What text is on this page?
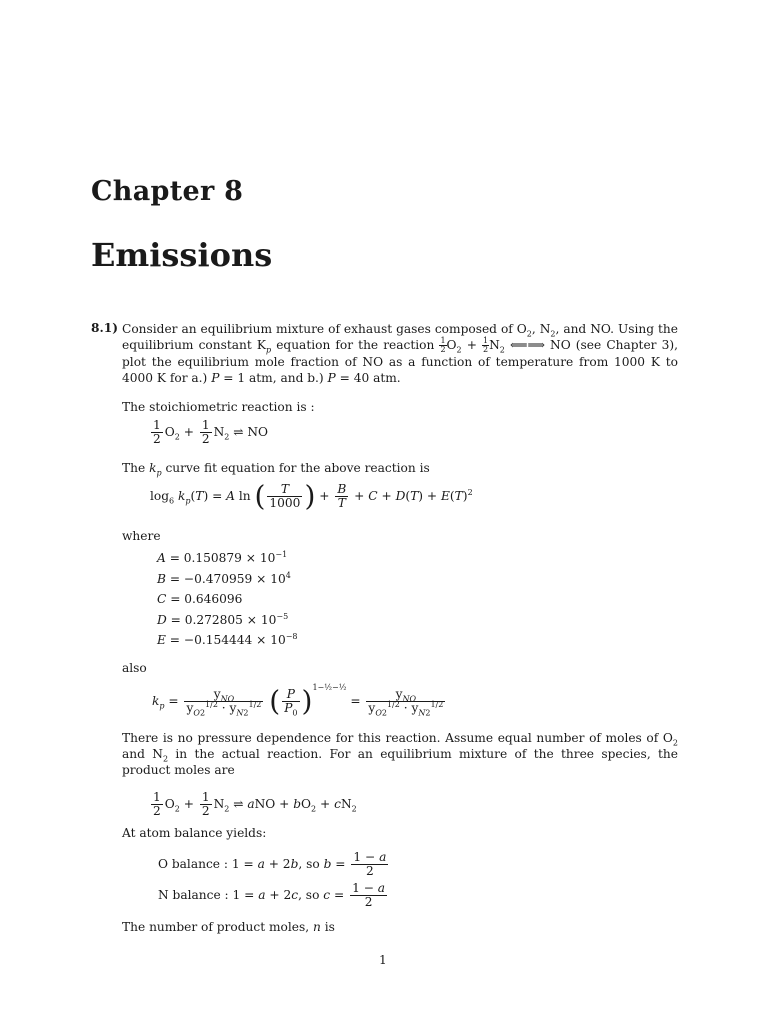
Chapter 8
Emissions
8.1) Consider an equilibrium mixture of exhaust gases composed of $O_2$, $N_2$, and NO. Using the equilibrium constant $K_p$ equation for the reaction $\frac{1}{2} O_2 + \frac{1}{2} N_2$ ⟸⟹ NO (see Chapter 3), plot the equilibrium mole fraction of NO as a function of temperature from 1000 K to 4000 K for a.) P = 1 atm, and b.) P = 40 atm.
The stoichiometric reaction is :
$\frac{1}{2} O_2 + \frac{1}{2} N_2$ ⇌ NO
The $k_p$ curve fit equation for the above reaction is
$\log_6 k_p(T) = A$ ln ( $\frac{T}{1000}$ ) + $\frac{B}{T} + C + D(T) + E(T)^2$
where
$A = 0.150879 \times 10^{-1}$
$B = -0.470959 \times 10^4$
C = 0.646096
$D = 0.272805 \times 10^{-5}$
$E = -0.154444 \times 10^{-8}$
also
$k_p = \frac{y_{NO}}{y_{O2}^{1/2} \cdot y_{N2}^{1/2}}$ ( $\frac{P}{P_0} )^{1-\frac{1}{2}-\frac{1}{2}} = \frac{y_{NO}}{y_{O2}^{1/2} \cdot y_{N2}^{1/2}}$
There is no pressure dependence for this reaction. Assume equal number of moles of $O_2$ and $N_2$ in the actual reaction. For an equilibrium mixture of the three species, the product moles are
$\frac{1}{2} O_2 + \frac{1}{2} N_2$ ⇌ aNO + $bO_2 + cN_2$
At atom balance yields:
O balance : 1 = a + 2b, so $b = \frac{1 - a}{2}$
N balance : 1 = a + 2c, so $c = \frac{1 - a}{2}$
The number of product moles, n is
1
